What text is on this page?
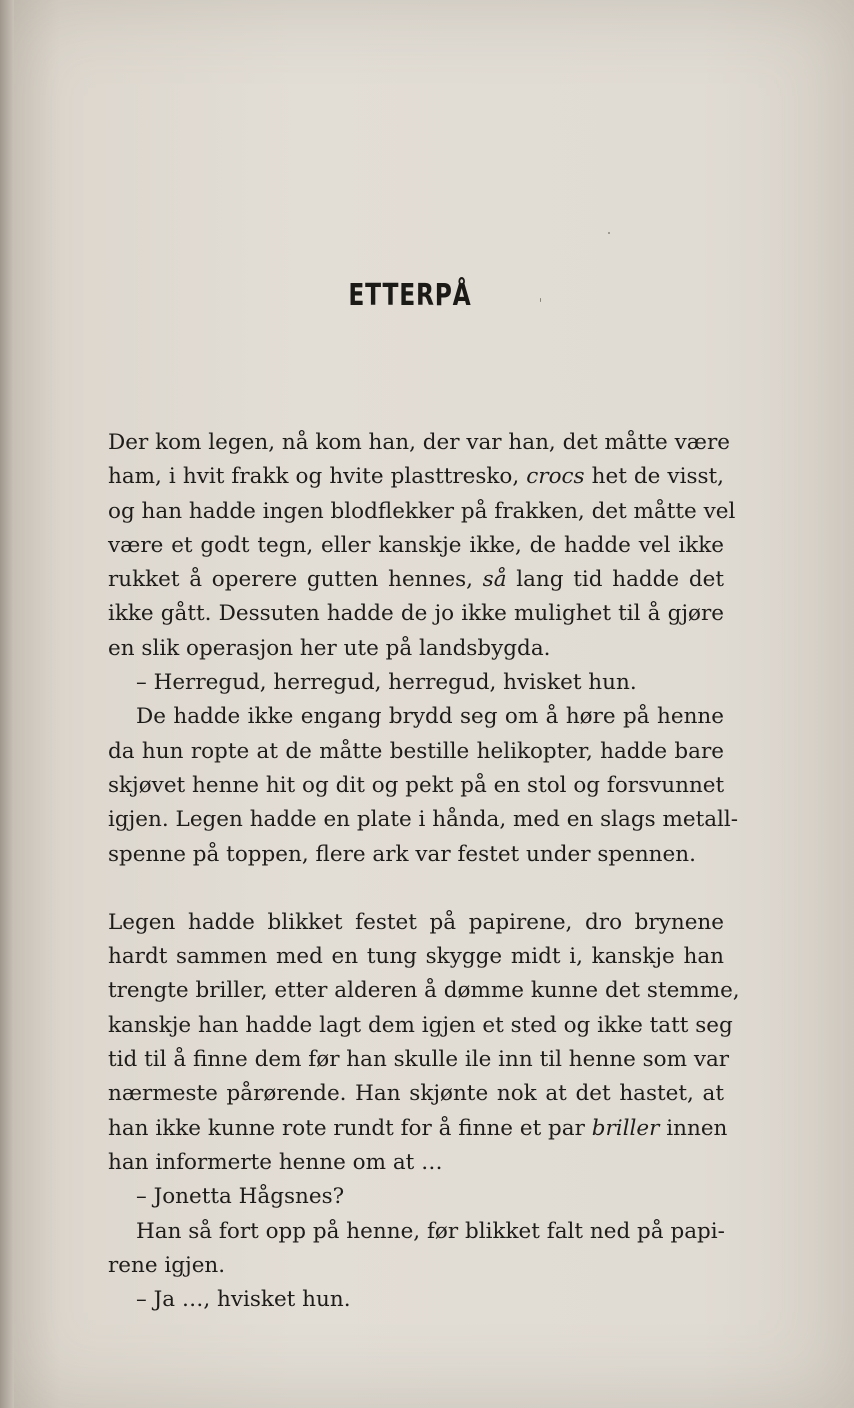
ETTERPÅ
Der kom legen, nå kom han, der var han, det måtte være
ham, i hvit frakk og hvite plasttresko, crocs het de visst,
og han hadde ingen blodflekker på frakken, det måtte vel
være et godt tegn, eller kanskje ikke, de hadde vel ikke
rukket å operere gutten hennes, så lang tid hadde det
ikke gått. Dessuten hadde de jo ikke mulighet til å gjøre
en slik operasjon her ute på landsbygda.
– Herregud, herregud, herregud, hvisket hun.
De hadde ikke engang brydd seg om å høre på henne
da hun ropte at de måtte bestille helikopter, hadde bare
skjøvet henne hit og dit og pekt på en stol og forsvunnet
igjen. Legen hadde en plate i hånda, med en slags metall-
spenne på toppen, flere ark var festet under spennen.
Legen hadde blikket festet på papirene, dro brynene
hardt sammen med en tung skygge midt i, kanskje han
trengte briller, etter alderen å dømme kunne det stemme,
kanskje han hadde lagt dem igjen et sted og ikke tatt seg
tid til å finne dem før han skulle ile inn til henne som var
nærmeste pårørende. Han skjønte nok at det hastet, at
han ikke kunne rote rundt for å finne et par briller innen
han informerte henne om at …
– Jonetta Hågsnes?
Han så fort opp på henne, før blikket falt ned på papi-
rene igjen.
– Ja …, hvisket hun.
